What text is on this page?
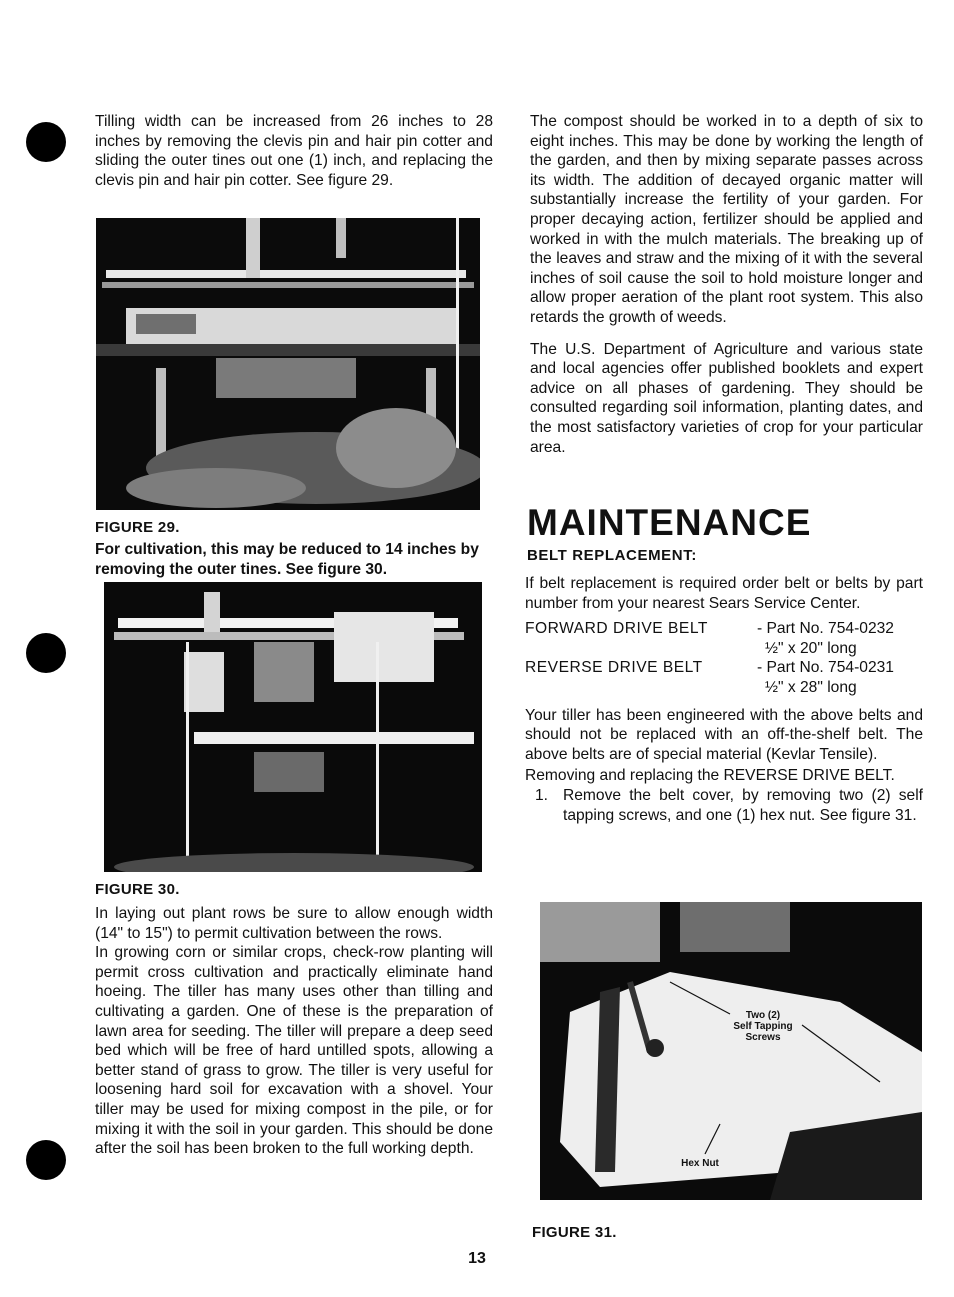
Tilling width can be increased from 26 inches to 28 inches by removing the clevis pin and hair pin cotter and sliding the outer tines out one (1) inch, and replacing the clevis pin and hair pin cotter. See figure 29.

FIGURE 29.

For cultivation, this may be reduced to 14 inches by removing the outer tines. See figure 30.

FIGURE 30.

In laying out plant rows be sure to allow enough width (14" to 15") to permit cultivation between the rows.

In growing corn or similar crops, check-row planting will permit cross cultivation and practically eliminate hand hoeing. The tiller has many uses other than tilling and cultivating a garden. One of these is the preparation of lawn area for seeding. The tiller will prepare a deep seed bed which will be free of hard untilled spots, allowing a better stand of grass to grow. The tiller is very useful for loosening hard soil for excavation with a shovel. Your tiller may be used for mixing compost in the pile, or for mixing it with the soil in your garden. This should be done after the soil has been broken to the full working depth.

The compost should be worked in to a depth of six to eight inches. This may be done by working the length of the garden, and then by mixing separate passes across its width. The addition of decayed organic matter will substantially increase the fertility of your garden. For proper decaying action, fertilizer should be applied and worked in with the mulch materials. The breaking up of the leaves and straw and the mixing of it with the several inches of soil cause the soil to hold moisture longer and allow proper aeration of the plant root system. This also retards the growth of weeds.

The U.S. Department of Agriculture and various state and local agencies offer published booklets and expert advice on all phases of gardening. They should be consulted regarding soil information, planting dates, and the most satisfactory varieties of crop for your particular area.

MAINTENANCE

BELT REPLACEMENT:

If belt replacement is required order belt or belts by part number from your nearest Sears Service Center.

FORWARD DRIVE BELT	- Part No. 754-0232
½" x 20" long
REVERSE DRIVE BELT	- Part No. 754-0231
½" x 28" long

Your tiller has been engineered with the above belts and should not be replaced with an off-the-shelf belt. The above belts are of special material (Kevlar Tensile).

Removing and replacing the REVERSE DRIVE BELT.

1. Remove the belt cover, by removing two (2) self tapping screws, and one (1) hex nut. See figure 31.
Two (2)
Self Tapping
Screws
Hex Nut

FIGURE 31.

13
